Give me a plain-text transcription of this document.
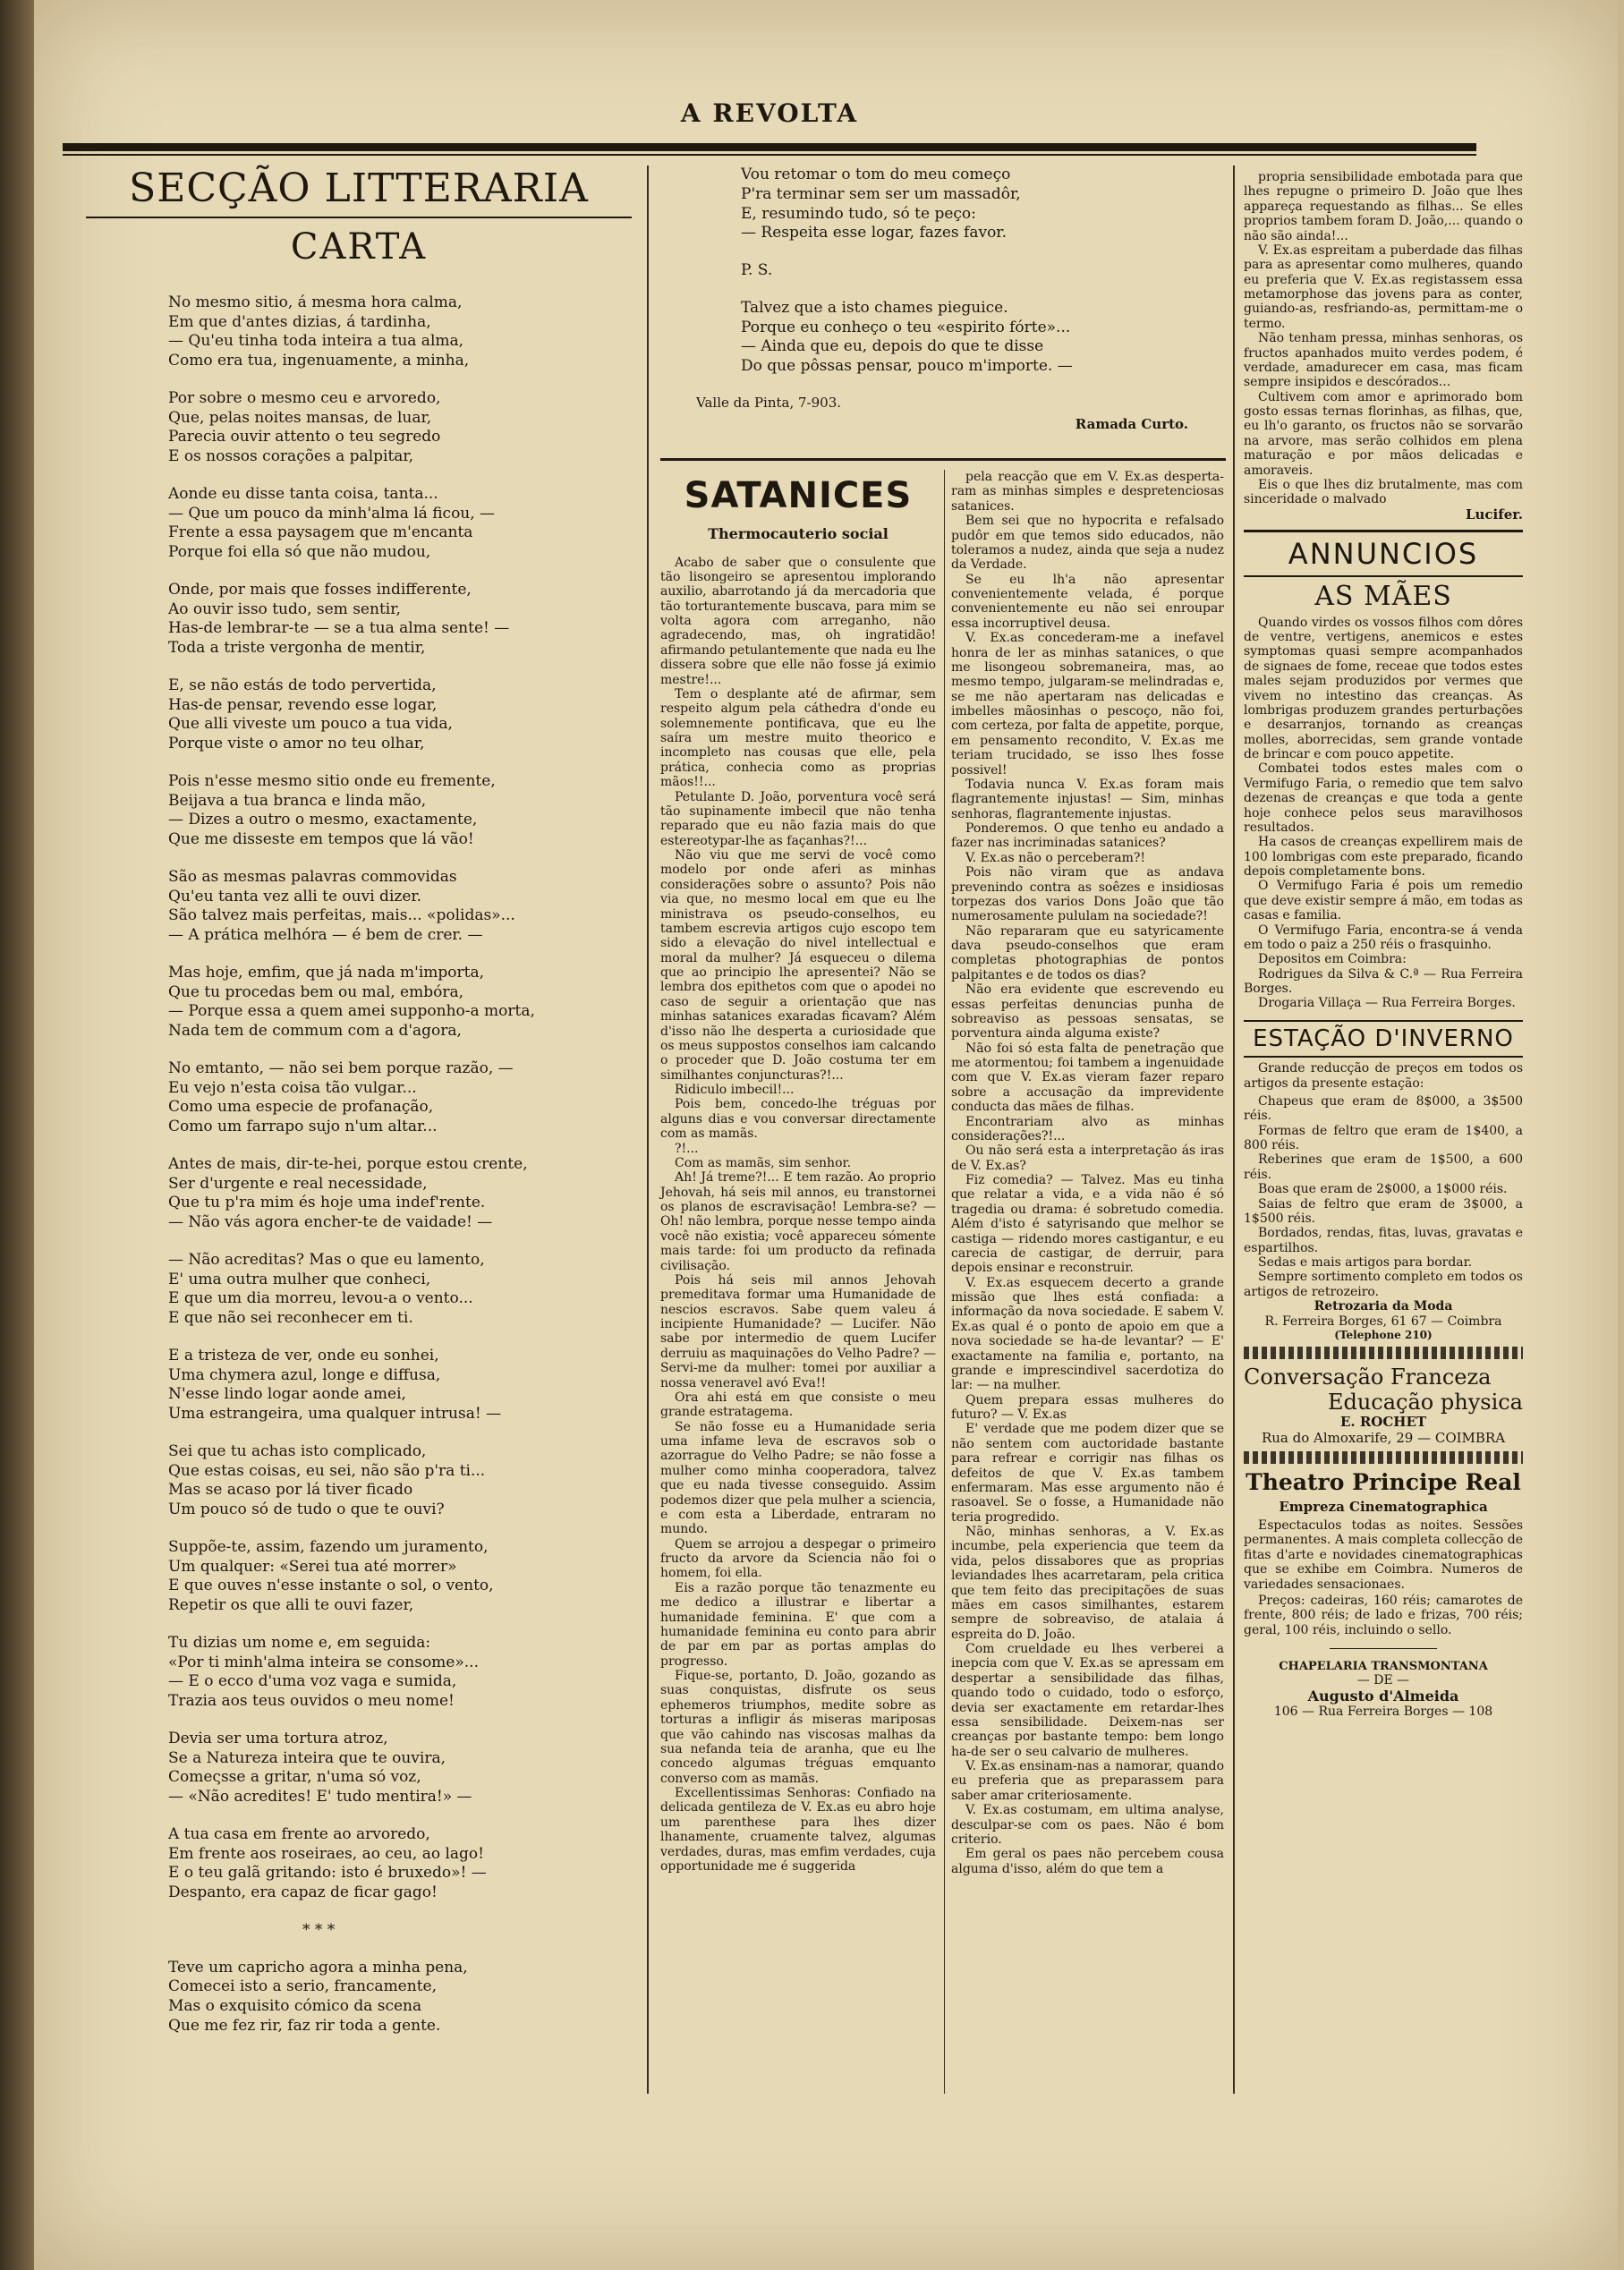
A REVOLTA
SECÇÃO LITTERARIA
CARTA

No mesmo sitio, á mesma hora calma,
Em que d'antes dizias, á tardinha,
— Qu'eu tinha toda inteira a tua alma,
Como era tua, ingenuamente, a minha,

Por sobre o mesmo ceu e arvoredo,
Que, pelas noites mansas, de luar,
Parecia ouvir attento o teu segredo
E os nossos corações a palpitar,

Aonde eu disse tanta coisa, tanta...
— Que um pouco da minh'alma lá ficou, —
Frente a essa paysagem que m'encanta
Porque foi ella só que não mudou,

Onde, por mais que fosses indifferente,
Ao ouvir isso tudo, sem sentir,
Has-de lembrar-te — se a tua alma sente! —
Toda a triste vergonha de mentir,

E, se não estás de todo pervertida,
Has-de pensar, revendo esse logar,
Que alli viveste um pouco a tua vida,
Porque viste o amor no teu olhar,

Pois n'esse mesmo sitio onde eu fremente,
Beijava a tua branca e linda mão,
— Dizes a outro o mesmo, exactamente,
Que me disseste em tempos que lá vão!

São as mesmas palavras commovidas
Qu'eu tanta vez alli te ouvi dizer.
São talvez mais perfeitas, mais... «polidas»...
— A prática melhóra — é bem de crer. —

Mas hoje, emfim, que já nada m'importa,
Que tu procedas bem ou mal, embóra,
— Porque essa a quem amei supponho-a morta,
Nada tem de commum com a d'agora,

No emtanto, — não sei bem porque razão, —
Eu vejo n'esta coisa tão vulgar...
Como uma especie de profanação,
Como um farrapo sujo n'um altar...

Antes de mais, dir-te-hei, porque estou crente,
Ser d'urgente e real necessidade,
Que tu p'ra mim és hoje uma indef'rente.
— Não vás agora encher-te de vaidade! —

— Não acreditas? Mas o que eu lamento,
E' uma outra mulher que conheci,
E que um dia morreu, levou-a o vento...
E que não sei reconhecer em ti.

E a tristeza de ver, onde eu sonhei,
Uma chymera azul, longe e diffusa,
N'esse lindo logar aonde amei,
Uma estrangeira, uma qualquer intrusa! —

Sei que tu achas isto complicado,
Que estas coisas, eu sei, não são p'ra ti...
Mas se acaso por lá tiver ficado
Um pouco só de tudo o que te ouvi?

Suppõe-te, assim, fazendo um juramento,
Um qualquer: «Serei tua até morrer»
E que ouves n'esse instante o sol, o vento,
Repetir os que alli te ouvi fazer,

Tu dizias um nome e, em seguida:
«Por ti minh'alma inteira se consome»...
— E o ecco d'uma voz vaga e sumida,
Trazia aos teus ouvidos o meu nome!

Devia ser uma tortura atroz,
Se a Natureza inteira que te ouvira,
Comeςsse a gritar, n'uma só voz,
— «Não acredites! E' tudo mentira!» —

A tua casa em frente ao arvoredo,
Em frente aos roseiraes, ao ceu, ao lago!
E o teu galã gritando: isto é bruxedo»! —
Despanto, era capaz de ficar gago!

* * *

Teve um capricho agora a minha pena,
Comecei isto a serio, francamente,
Mas o exquisito cómico da scena
Que me fez rir, faz rir toda a gente.

Vou retomar o tom do meu começo
P'ra terminar sem ser um massadôr,
E, resumindo tudo, só te peço:
— Respeita esse logar, fazes favor.

P. S.

Talvez que a isto chames pieguice.
Porque eu conheço o teu «espirito fórte»...
— Ainda que eu, depois do que te disse
Do que pôssas pensar, pouco m'importe. —

Valle da Pinta, 7-903.
Ramada Curto.
SATANICES
Thermocauterio social

Acabo de saber que o consulente que tão lisongeiro se apresentou implorando auxilio, abarrotando já da mercadoria que tão torturantemente buscava, para mim se volta agora com arreganho, não agradecendo, mas, oh ingratidão! afirmando petulantemente que nada eu lhe dissera sobre que elle não fosse já eximio mestre!...

Tem o desplante até de afirmar, sem respeito algum pela cáthedra d'onde eu solemnemente pontificava, que eu lhe saíra um mestre muito theorico e incompleto nas cousas que elle, pela prática, conhecia como as proprias mãos!!...

Petulante D. João, porventura você será tão supinamente imbecil que não tenha reparado que eu não fazia mais do que estereotypar-lhe as façanhas?!...

Não viu que me servi de você como modelo por onde aferi as minhas considerações sobre o assunto? Pois não via que, no mesmo local em que eu lhe ministrava os pseudo-conselhos, eu tambem escrevia artigos cujo escopo tem sido a elevação do nivel intellectual e moral da mulher? Já esqueceu o dilema que ao principio lhe apresentei? Não se lembra dos epithetos com que o apodei no caso de seguir a orientação que nas minhas satanices exaradas ficavam? Além d'isso não lhe desperta a curiosidade que os meus suppostos conselhos iam calcando o proceder que D. João costuma ter em similhantes conjuncturas?!...

Ridiculo imbecil!...

Pois bem, concedo-lhe tréguas por alguns dias e vou conversar directamente com as mamãs.

?!...

Com as mamãs, sim senhor.

Ah! Já treme?!... E tem razão. Ao proprio Jehovah, há seis mil annos, eu transtornei os planos de escravisação! Lembra-se? — Oh! não lembra, porque nesse tempo ainda você não existia; você appareceu sómente mais tarde: foi um producto da refinada civilisação.

Pois há seis mil annos Jehovah premeditava formar uma Humanidade de nescios escravos. Sabe quem valeu á incipiente Humanidade? — Lucifer. Não sabe por intermedio de quem Lucifer derruiu as maquinações do Velho Padre? — Servi-me da mulher: tomei por auxiliar a nossa veneravel avó Eva!!

Ora ahi está em que consiste o meu grande estratagema.

Se não fosse eu a Humanidade seria uma infame leva de escravos sob o azorrague do Velho Padre; se não fosse a mulher como minha cooperadora, talvez que eu nada tivesse conseguido. Assim podemos dizer que pela mulher a sciencia, e com esta a Liberdade, entraram no mundo.

Quem se arrojou a despegar o primeiro fructo da arvore da Sciencia não foi o homem, foi ella.

Eis a razão porque tão tenazmente eu me dedico a illustrar e libertar a humanidade feminina. E' que com a humanidade feminina eu conto para abrir de par em par as portas amplas do progresso.

Fique-se, portanto, D. João, gozando as suas conquistas, disfrute os seus ephemeros triumphos, medite sobre as torturas a infligir ás miseras mariposas que vão cahindo nas viscosas malhas da sua nefanda teia de aranha, que eu lhe concedo algumas tréguas emquanto converso com as mamãs.

Excellentissimas Senhoras: Confiado na delicada gentileza de V. Ex.as eu abro hoje um parenthese para lhes dizer lhanamente, cruamente talvez, algumas verdades, duras, mas emfim verdades, cuja opportunidade me é suggerida

pela reacção que em V. Ex.as desperta-ram as minhas simples e despretenciosas satanices.

Bem sei que no hypocrita e refalsado pudôr em que temos sido educados, não toleramos a nudez, ainda que seja a nudez da Verdade.

Se eu lh'a não apresentar convenientemente velada, é porque convenientemente eu não sei enroupar essa incorruptivel deusa.

V. Ex.as concederam-me a inefavel honra de ler as minhas satanices, o que me lisongeou sobremaneira, mas, ao mesmo tempo, julgaram-se melindradas e, se me não apertaram nas delicadas e imbelles mãosinhas o pescoço, não foi, com certeza, por falta de appetite, porque, em pensamento recondito, V. Ex.as me teriam trucidado, se isso lhes fosse possivel!

Todavia nunca V. Ex.as foram mais flagrantemente injustas! — Sim, minhas senhoras, flagrantemente injustas.

Ponderemos. O que tenho eu andado a fazer nas incriminadas satanices?

V. Ex.as não o perceberam?!

Pois não viram que as andava prevenindo contra as soêzes e insidiosas torpezas dos varios Dons João que tão numerosamente pululam na sociedade?!

Não repararam que eu satyricamente dava pseudo-conselhos que eram completas photographias de pontos palpitantes e de todos os dias?

Não era evidente que escrevendo eu essas perfeitas denuncias punha de sobreaviso as pessoas sensatas, se porventura ainda alguma existe?

Não foi só esta falta de penetração que me atormentou; foi tambem a ingenuidade com que V. Ex.as vieram fazer reparo sobre a accusação da imprevidente conducta das mães de filhas.

Encontrariam alvo as minhas considerações?!...

Ou não será esta a interpretação ás iras de V. Ex.as?

Fiz comedia? — Talvez. Mas eu tinha que relatar a vida, e a vida não é só tragedia ou drama: é sobretudo comedia. Além d'isto é satyrisando que melhor se castiga — ridendo mores castigantur, e eu carecia de castigar, de derruir, para depois ensinar e reconstruir.

V. Ex.as esquecem decerto a grande missão que lhes está confiada: a informação da nova sociedade. E sabem V. Ex.as qual é o ponto de apoio em que a nova sociedade se ha-de levantar? — E' exactamente na familia e, portanto, na grande e imprescindivel sacerdotiza do lar: — na mulher.

Quem prepara essas mulheres do futuro? — V. Ex.as

E' verdade que me podem dizer que se não sentem com auctoridade bastante para refrear e corrigir nas filhas os defeitos de que V. Ex.as tambem enfermaram. Mas esse argumento não é rasoavel. Se o fosse, a Humanidade não teria progredido.

Não, minhas senhoras, a V. Ex.as incumbe, pela experiencia que teem da vida, pelos dissabores que as proprias leviandades lhes acarretaram, pela critica que tem feito das precipitações de suas mães em casos similhantes, estarem sempre de sobreaviso, de atalaia á espreita do D. João.

Com crueldade eu lhes verberei a inepcia com que V. Ex.as se apressam em despertar a sensibilidade das filhas, quando todo o cuidado, todo o esforço, devia ser exactamente em retardar-lhes essa sensibilidade. Deixem-nas ser creanças por bastante tempo: bem longo ha-de ser o seu calvario de mulheres.

V. Ex.as ensinam-nas a namorar, quando eu preferia que as preparassem para saber amar criteriosamente.

V. Ex.as costumam, em ultima analyse, desculpar-se com os paes. Não é bom criterio.

Em geral os paes não percebem cousa alguma d'isso, além do que tem a

propria sensibilidade embotada para que lhes repugne o primeiro D. João que lhes appareça requestando as filhas... Se elles proprios tambem foram D. João,... quando o não são ainda!...

V. Ex.as espreitam a puberdade das filhas para as apresentar como mulheres, quando eu preferia que V. Ex.as registassem essa metamorphose das jovens para as conter, guiando-as, resfriando-as, permittam-me o termo.

Não tenham pressa, minhas senhoras, os fructos apanhados muito verdes podem, é verdade, amadurecer em casa, mas ficam sempre insipidos e descórados...

Cultivem com amor e aprimorado bom gosto essas ternas florinhas, as filhas, que, eu lh'o garanto, os fructos não se sorvarão na arvore, mas serão colhidos em plena maturação e por mãos delicadas e amoraveis.

Eis o que lhes diz brutalmente, mas com sinceridade o malvado

Lucifer.
ANNUNCIOS
AS MÃES

Quando virdes os vossos filhos com dôres de ventre, vertigens, anemicos e estes symptomas quasi sempre acompanhados de signaes de fome, receae que todos estes males sejam produzidos por vermes que vivem no intestino das creanças. As lombrigas produzem grandes perturbações e desarranjos, tornando as creanças molles, aborrecidas, sem grande vontade de brincar e com pouco appetite.

Combatei todos estes males com o Vermifugo Faria, o remedio que tem salvo dezenas de creanças e que toda a gente hoje conhece pelos seus maravilhosos resultados.

Ha casos de creanças expellirem mais de 100 lombrigas com este preparado, ficando depois completamente bons.

O Vermifugo Faria é pois um remedio que deve existir sempre á mão, em todas as casas e familia.

O Vermifugo Faria, encontra-se á venda em todo o paiz a 250 réis o frasquinho.

Depositos em Coimbra:

Rodrigues da Silva & C.ª — Rua Ferreira Borges.

Drogaria Villaça — Rua Ferreira Borges.

ESTAÇÃO D'INVERNO

Grande reducção de preços em todos os artigos da presente estação:

Chapeus que eram de 8$000, a 3$500 réis.

Formas de feltro que eram de 1$400, a 800 réis.

Reberines que eram de 1$500, a 600 réis.

Boas que eram de 2$000, a 1$000 réis.

Saias de feltro que eram de 3$000, a 1$500 réis.

Bordados, rendas, fitas, luvas, gravatas e espartilhos.

Sedas e mais artigos para bordar.

Sempre sortimento completo em todos os artigos de retrozeiro.

Retrozaria da Moda
R. Ferreira Borges, 61 67 — Coimbra
(Telephone 210)
Conversação Franceza
Educação physica
E. ROCHET
Rua do Almoxarife, 29 — COIMBRA
Theatro Principe Real
Empreza Cinematographica

Espectaculos todas as noites. Sessões permanentes. A mais completa collecção de fitas d'arte e novidades cinematographicas que se exhibe em Coimbra. Numeros de variedades sensacionaes.

Preços: cadeiras, 160 réis; camarotes de frente, 800 réis; de lado e frizas, 700 réis; geral, 100 réis, incluindo o sello.

CHAPELARIA TRANSMONTANA
— DE —
Augusto d'Almeida
106 — Rua Ferreira Borges — 108
